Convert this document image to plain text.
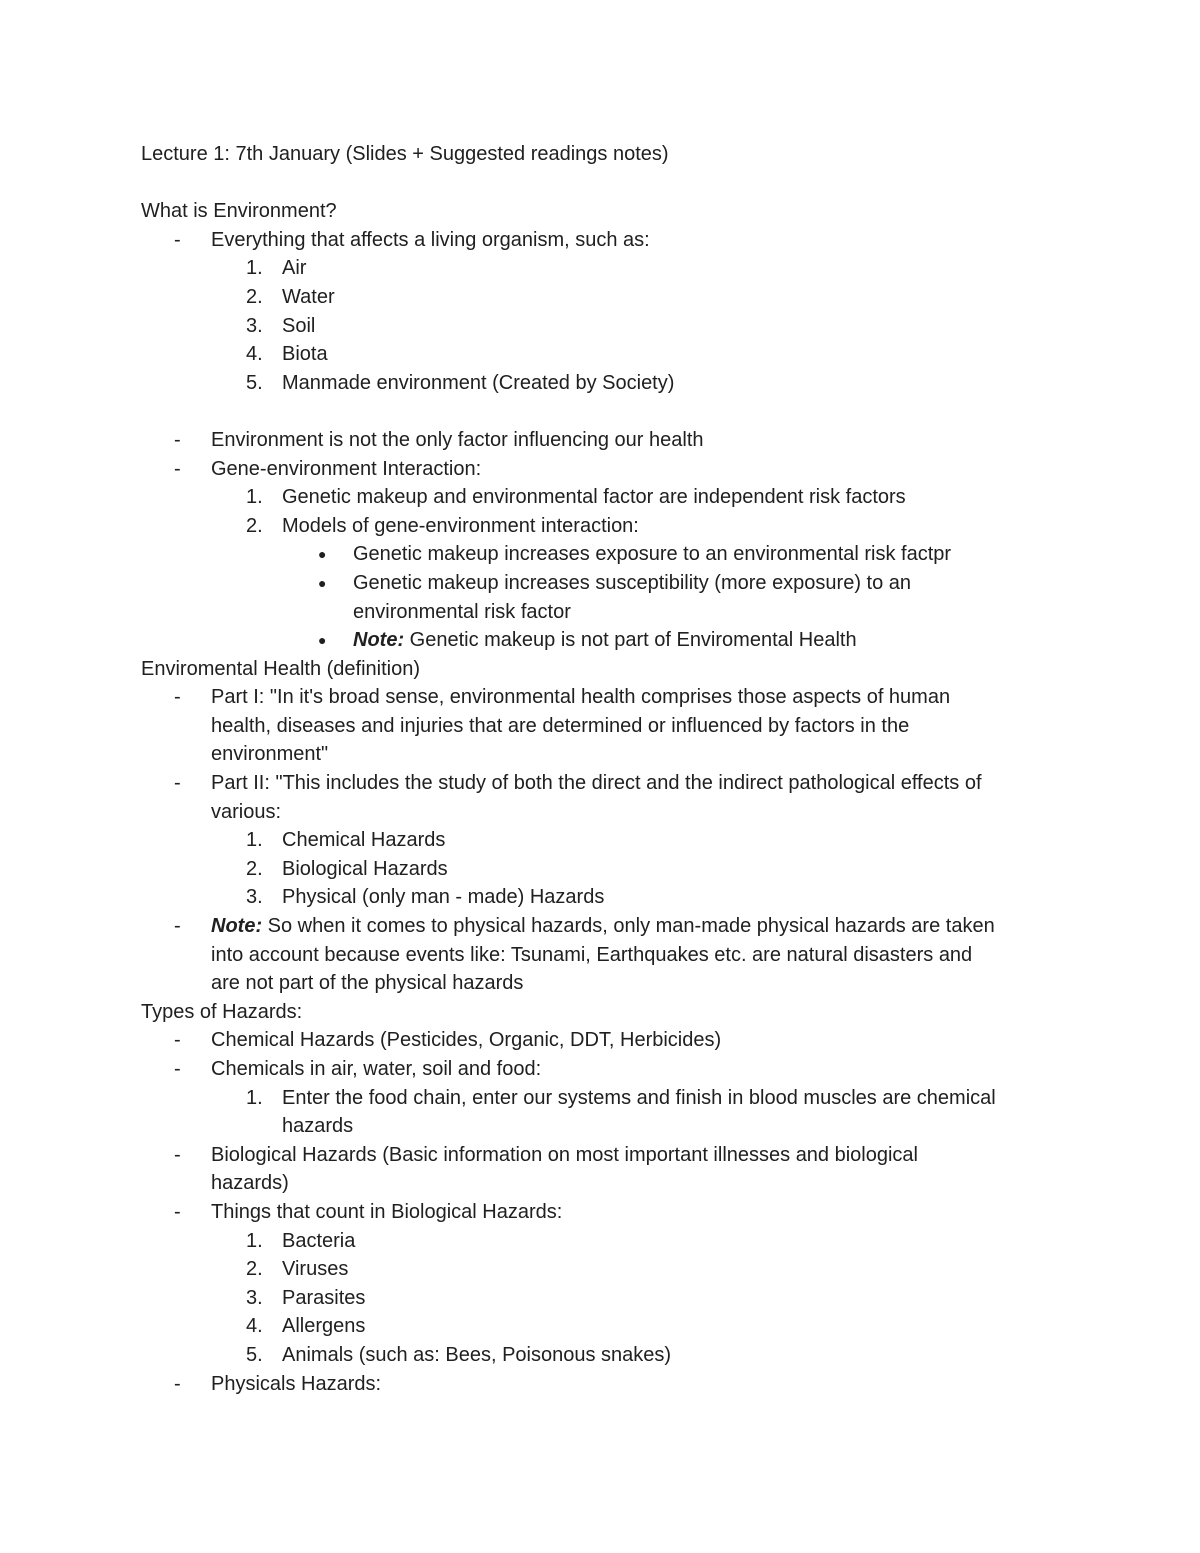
Lecture 1: 7th January (Slides + Suggested readings notes)
What is Environment?
- Everything that affects a living organism, such as:
1. Air
2. Water
3. Soil
4. Biota
5. Manmade environment (Created by Society)
- Environment is not the only factor influencing our health
- Gene-environment Interaction:
1. Genetic makeup and environmental factor are independent risk factors
2. Models of gene-environment interaction:
● Genetic makeup increases exposure to an environmental risk factpr
● Genetic makeup increases susceptibility (more exposure) to an
environmental risk factor
● Note: Genetic makeup is not part of Enviromental Health
Enviromental Health (definition)
- Part I: "In it's broad sense, environmental health comprises those aspects of human
health, diseases and injuries that are determined or influenced by factors in the
environment"
- Part II: "This includes the study of both the direct and the indirect pathological effects of
various:
1. Chemical Hazards
2. Biological Hazards
3. Physical (only man - made) Hazards
- Note: So when it comes to physical hazards, only man-made physical hazards are taken
into account because events like: Tsunami, Earthquakes etc. are natural disasters and
are not part of the physical hazards
Types of Hazards:
- Chemical Hazards (Pesticides, Organic, DDT, Herbicides)
- Chemicals in air, water, soil and food:
1. Enter the food chain, enter our systems and finish in blood muscles are chemical
hazards
- Biological Hazards (Basic information on most important illnesses and biological
hazards)
- Things that count in Biological Hazards:
1. Bacteria
2. Viruses
3. Parasites
4. Allergens
5. Animals (such as: Bees, Poisonous snakes)
- Physicals Hazards:
